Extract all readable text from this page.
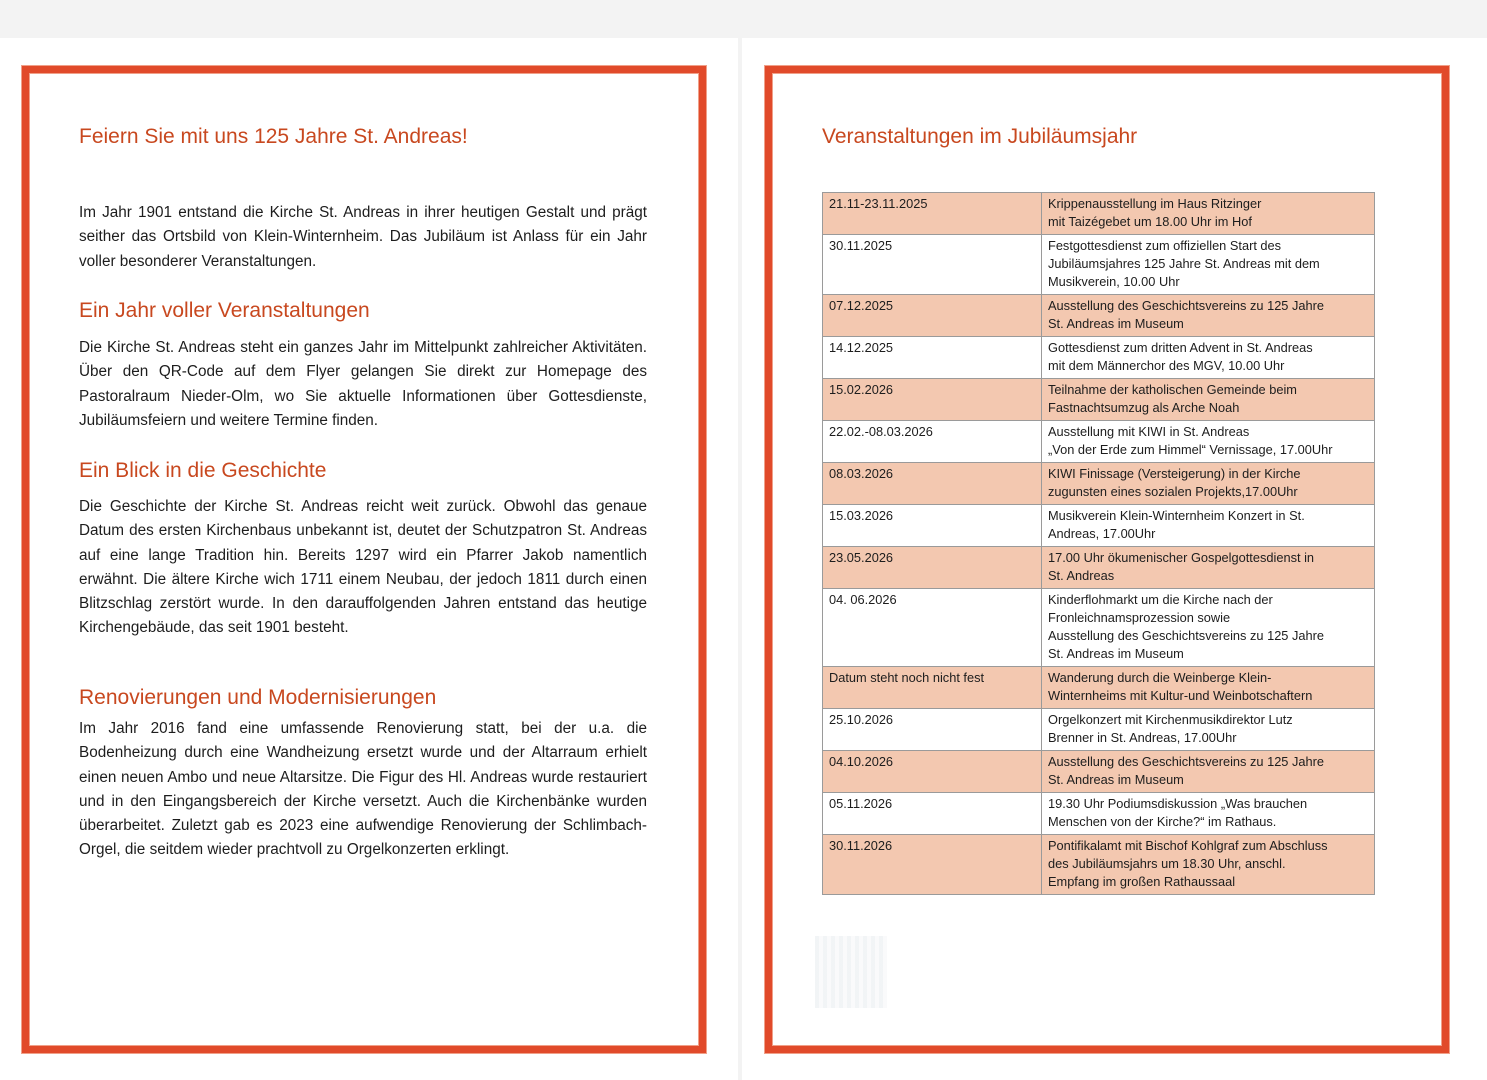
Feiern Sie mit uns 125 Jahre St. Andreas!

Im Jahr 1901 entstand die Kirche St. Andreas in ihrer heutigen Gestalt und prägt seither das Ortsbild von Klein-Winternheim. Das Jubiläum ist Anlass für ein Jahr voller besonderer Veranstaltungen.

Ein Jahr voller Veranstaltungen

Die Kirche St. Andreas steht ein ganzes Jahr im Mittelpunkt zahlreicher Aktivitäten. Über den QR-Code auf dem Flyer gelangen Sie direkt zur Homepage des Pastoralraum Nieder-Olm, wo Sie aktuelle Informationen über Gottesdienste, Jubiläumsfeiern und weitere Termine finden.

Ein Blick in die Geschichte

Die Geschichte der Kirche St. Andreas reicht weit zurück. Obwohl das genaue Datum des ersten Kirchenbaus unbekannt ist, deutet der Schutzpatron St. Andreas auf eine lange Tradition hin. Bereits 1297 wird ein Pfarrer Jakob namentlich erwähnt. Die ältere Kirche wich 1711 einem Neubau, der jedoch 1811 durch einen Blitzschlag zerstört wurde. In den darauffolgenden Jahren entstand das heutige Kirchengebäude, das seit 1901 besteht.

Renovierungen und Modernisierungen

Im Jahr 2016 fand eine umfassende Renovierung statt, bei der u.a. die Bodenheizung durch eine Wandheizung ersetzt wurde und der Altarraum erhielt einen neuen Ambo und neue Altarsitze. Die Figur des Hl. Andreas wurde restauriert und in den Eingangsbereich der Kirche versetzt. Auch die Kirchenbänke wurden überarbeitet. Zuletzt gab es 2023 eine aufwendige Renovierung der Schlimbach-Orgel, die seitdem wieder prachtvoll zu Orgelkonzerten erklingt.

Veranstaltungen im Jubiläumsjahr
21.11-23.11.2025	Krippenausstellung im Haus Ritzinger
mit Taizégebet um 18.00 Uhr im Hof
30.11.2025	Festgottesdienst zum offiziellen Start des
Jubiläumsjahres 125 Jahre St. Andreas mit dem
Musikverein, 10.00 Uhr
07.12.2025	Ausstellung des Geschichtsvereins zu 125 Jahre
St. Andreas im Museum
14.12.2025	Gottesdienst zum dritten Advent in St. Andreas
mit dem Männerchor des MGV, 10.00 Uhr
15.02.2026	Teilnahme der katholischen Gemeinde beim
Fastnachtsumzug als Arche Noah
22.02.-08.03.2026	Ausstellung mit KIWI in St. Andreas
„Von der Erde zum Himmel“ Vernissage, 17.00Uhr
08.03.2026	KIWI Finissage (Versteigerung) in der Kirche
zugunsten eines sozialen Projekts,17.00Uhr
15.03.2026	Musikverein Klein-Winternheim Konzert in St.
Andreas, 17.00Uhr
23.05.2026	17.00 Uhr ökumenischer Gospelgottesdienst in
St. Andreas
04. 06.2026	Kinderflohmarkt um die Kirche nach der
Fronleichnamsprozession sowie
Ausstellung des Geschichtsvereins zu 125 Jahre
St. Andreas im Museum
Datum steht noch nicht fest	Wanderung durch die Weinberge Klein-
Winternheims mit Kultur-und Weinbotschaftern
25.10.2026	Orgelkonzert mit Kirchenmusikdirektor Lutz
Brenner in St. Andreas, 17.00Uhr
04.10.2026	Ausstellung des Geschichtsvereins zu 125 Jahre
St. Andreas im Museum
05.11.2026	19.30 Uhr Podiumsdiskussion „Was brauchen
Menschen von der Kirche?“ im Rathaus.
30.11.2026	Pontifikalamt mit Bischof Kohlgraf zum Abschluss
des Jubiläumsjahrs um 18.30 Uhr, anschl.
Empfang im großen Rathaussaal
